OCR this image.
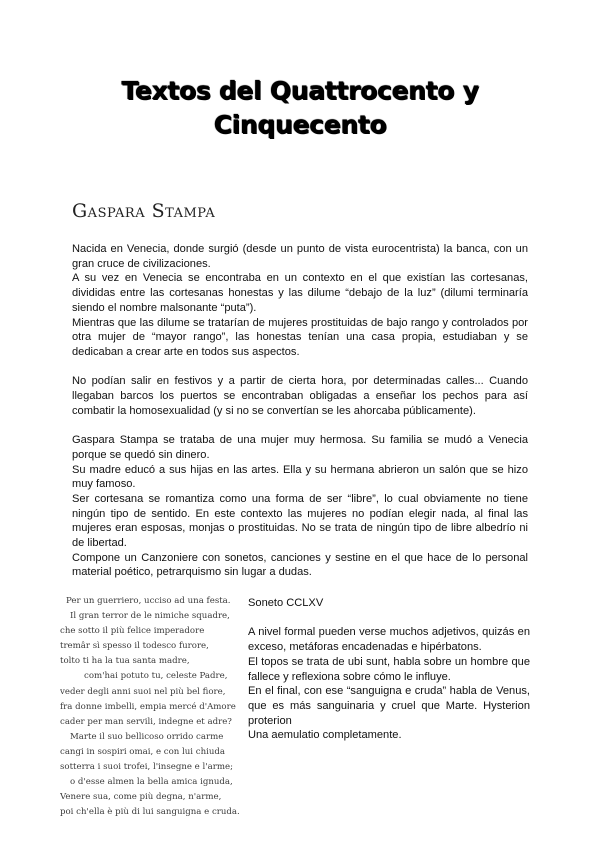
Textos del Quattrocento y
Cinquecento
Gaspara Stampa

Nacida en Venecia, donde surgió (desde un punto de vista eurocentrista) la banca, con un gran cruce de civilizaciones.

A su vez en Venecia se encontraba en un contexto en el que existían las cortesanas, divididas entre las cortesanas honestas y las dilume “debajo de la luz” (dilumi terminaría siendo el nombre malsonante “puta”).

Mientras que las dilume se tratarían de mujeres prostituidas de bajo rango y controlados por otra mujer de “mayor rango”, las honestas tenían una casa propia, estudiaban y se dedicaban a crear arte en todos sus aspectos.

No podían salir en festivos y a partir de cierta hora, por determinadas calles... Cuando llegaban barcos los puertos se encontraban obligadas a enseñar los pechos para así combatir la homosexualidad (y si no se convertían se les ahorcaba públicamente).

Gaspara Stampa se trataba de una mujer muy hermosa. Su familia se mudó a Venecia porque se quedó sin dinero.

Su madre educó a sus hijas en las artes. Ella y su hermana abrieron un salón que se hizo muy famoso.

Ser cortesana se romantiza como una forma de ser “libre”, lo cual obviamente no tiene ningún tipo de sentido. En este contexto las mujeres no podían elegir nada, al final las mujeres eran esposas, monjas o prostituidas. No se trata de ningún tipo de libre albedrío ni de libertad.

Compone un Canzoniere con sonetos, canciones y sestine en el que hace de lo personal material poético, petrarquismo sin lugar a dudas.

Per un guerriero, ucciso ad una festa.
Il gran terror de le nimiche squadre,
che sotto il più felice imperadore
tremâr sì spesso il todesco furore,
tolto ti ha la tua santa madre,
com'hai potuto tu, celeste Padre,
veder degli anni suoi nel più bel fiore,
fra donne imbelli, empia mercé d'Amore
cader per man servili, indegne et adre?
Marte il suo bellicoso orrido carme
cangi in sospiri omai, e con lui chiuda
sotterra i suoi trofei, l'insegne e l'arme;
o d'esse almen la bella amica ignuda,
Venere sua, come più degna, n'arme,
poi ch'ella è più di lui sanguigna e cruda.

Soneto CCLXV

A nivel formal pueden verse muchos adjetivos, quizás en exceso, metáforas encadenadas e hipérbatons.

El topos se trata de ubi sunt, habla sobre un hombre que fallece y reflexiona sobre cómo le influye.

En el final, con ese “sanguigna e cruda” habla de Venus, que es más sanguinaria y cruel que Marte. Hysterion proterion

Una aemulatio completamente.
